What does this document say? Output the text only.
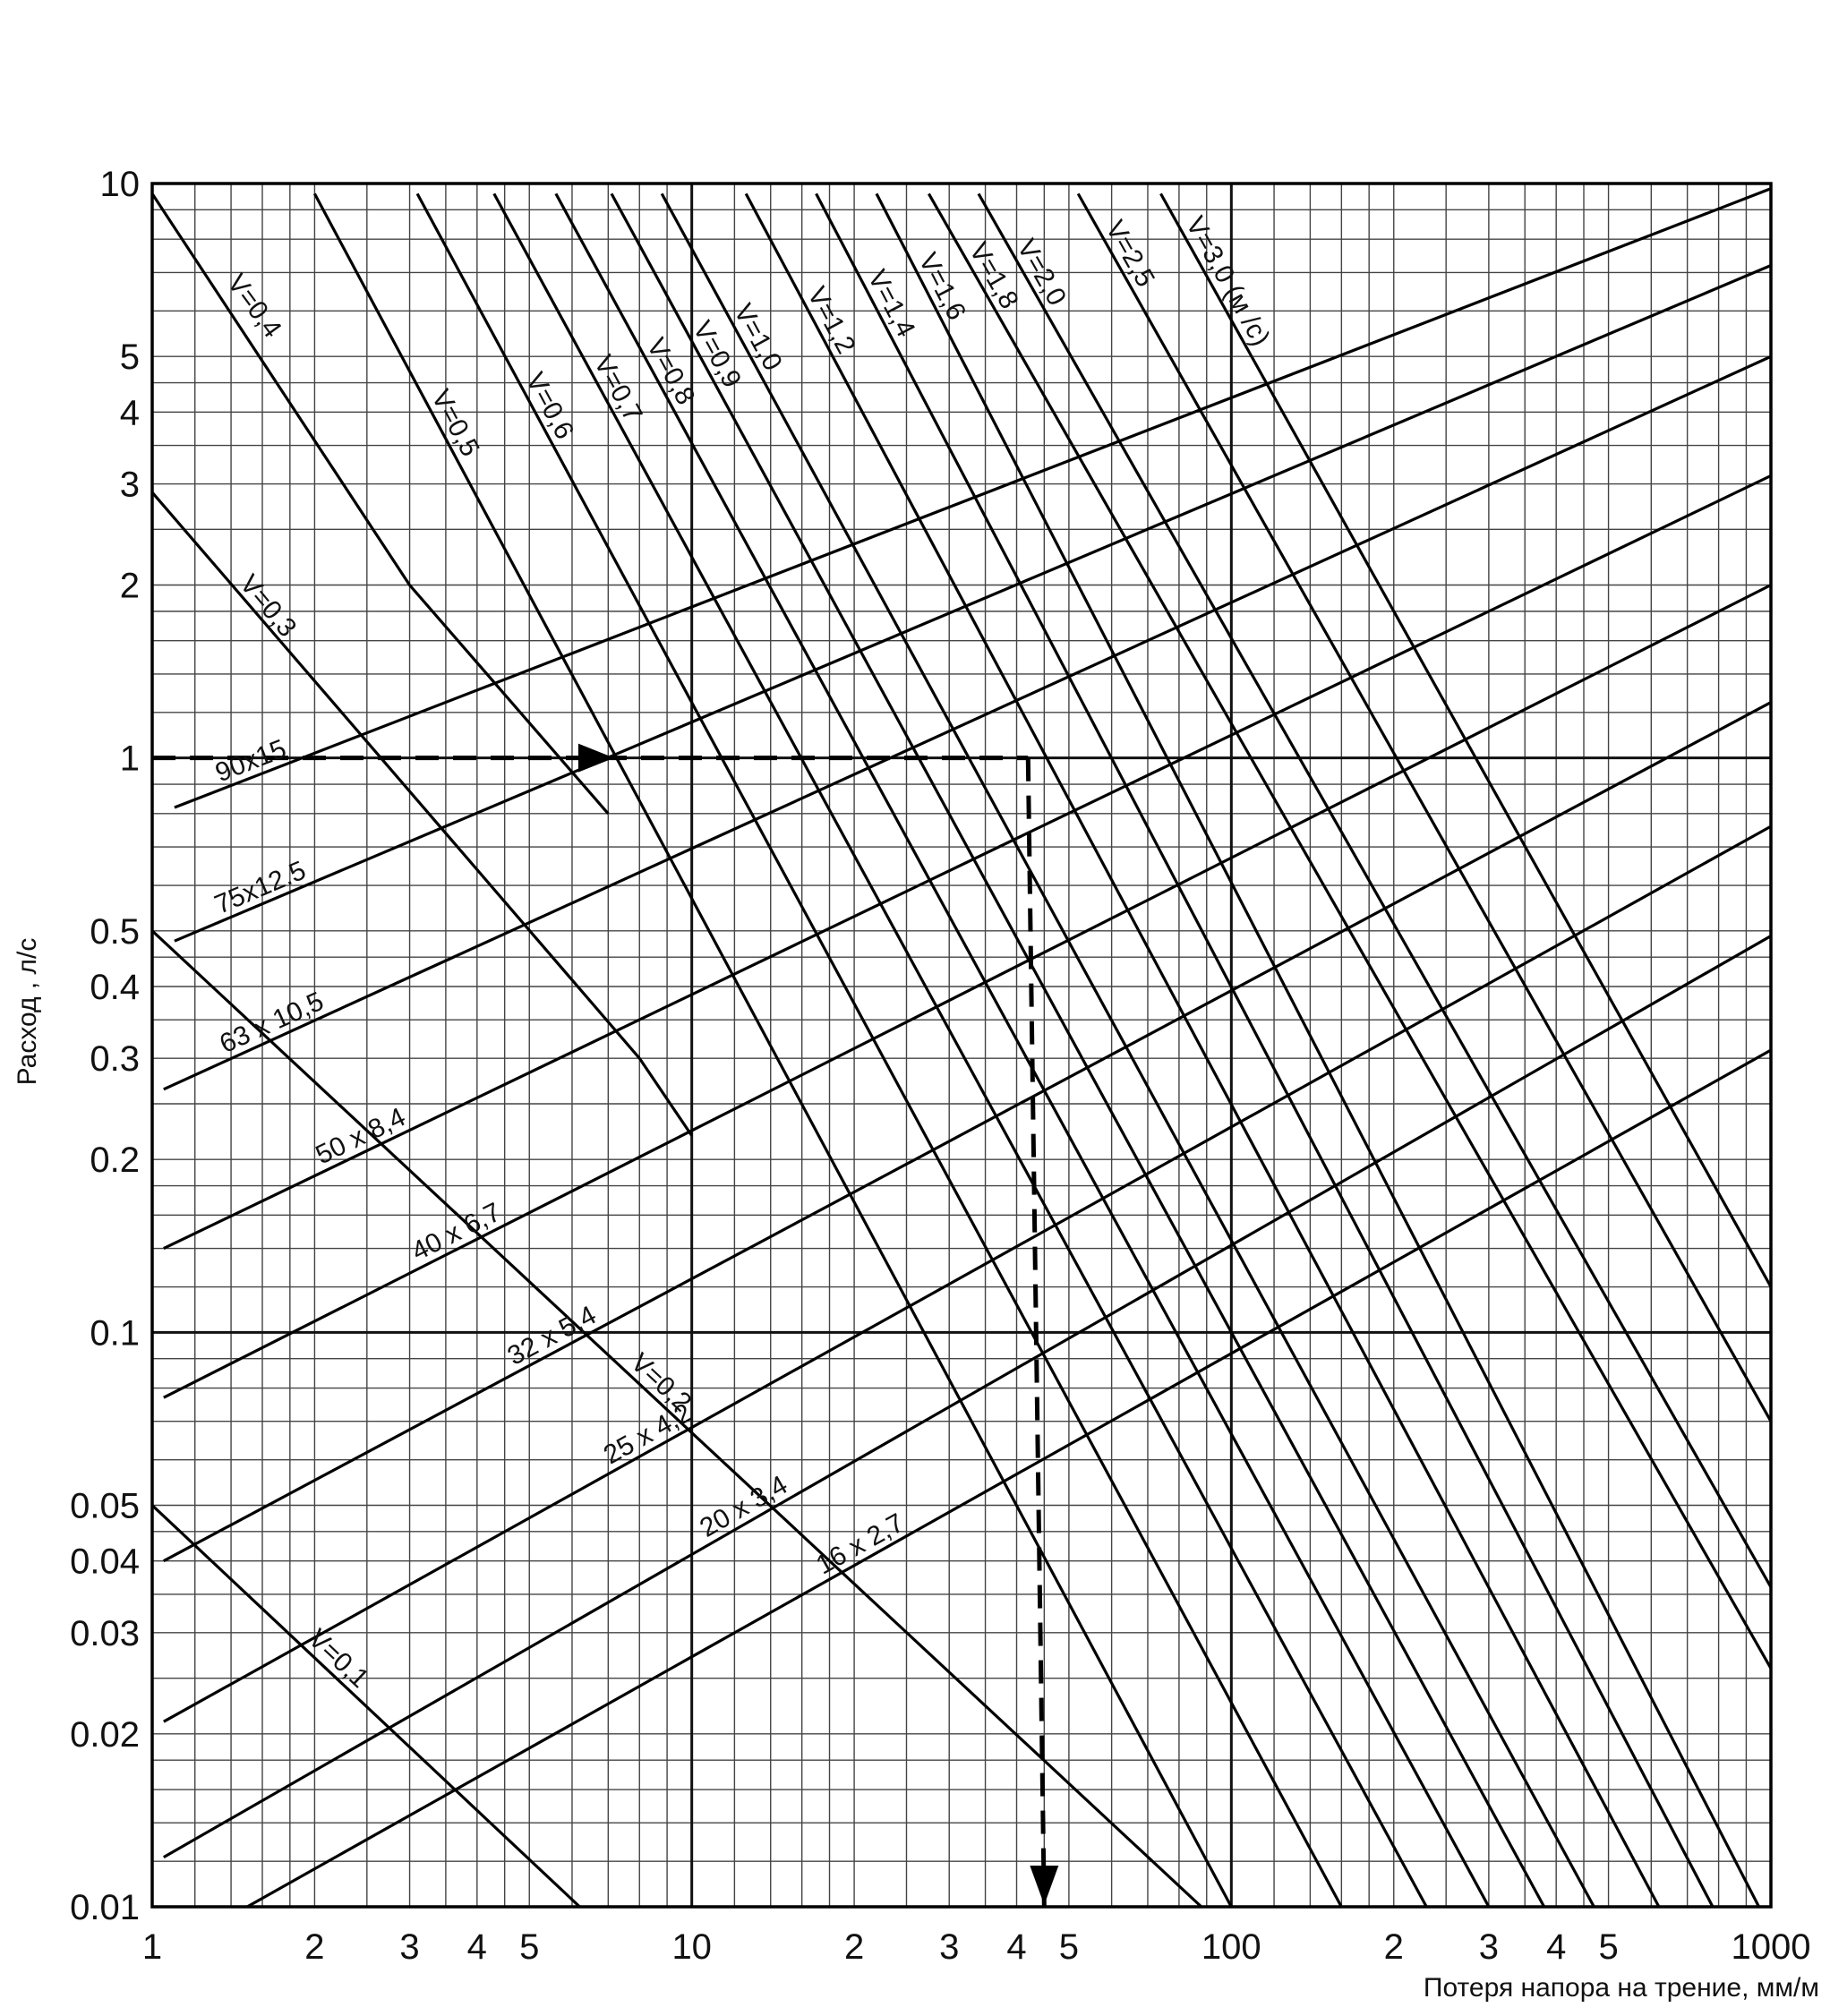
1	2 3 4 5	10	2 3 4 5	100	2 3 4 5	1000
0.01
0.02
0.03
0.04
0.05
0.1
0.2
0.3
0.4
0.5
1
2
3
4
5
10
90x15
75x12.5
63 x 10,5
50 x 8,4
40 x 6,7
32 x 5,4
25 x 4,2
20 x 3,4
16 x 2,7
V=0,1
V=0,2
V=0,3
V=0,4
V=0,5 V=0,6 V=0,7
V=0,8
V=0,9
V=1,0 V=1,2 V=1,4
V=1,6
V=1,8
V=2,0 V=2,5 V=3,0 (м /с)
Потеря напора на трение, мм/м
Расход , л/с
